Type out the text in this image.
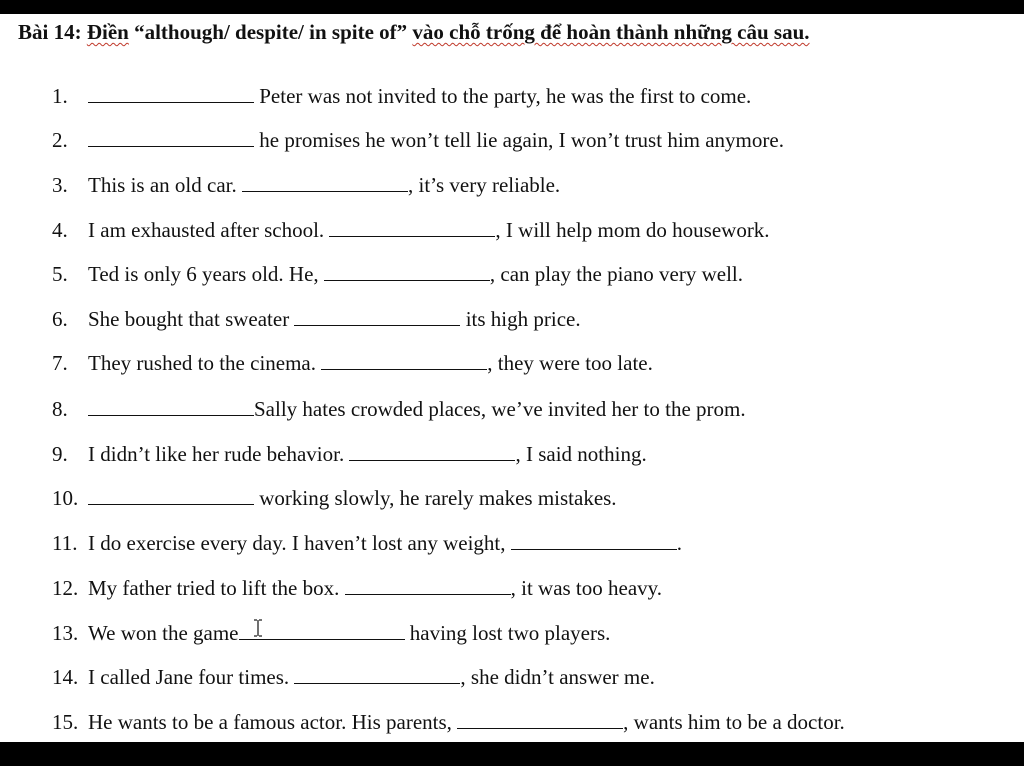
Bài 14: Điền “although/ despite/ in spite of” vào chỗ trống để hoàn thành những câu sau.
1.	Peter was not invited to the party, he was the first to come.
2.	he promises he won’t tell lie again, I won’t trust him anymore.
3. This is an old car.	, it’s very reliable.
4. I am exhausted after school.	, I will help mom do housework.
5. Ted is only 6 years old. He,	, can play the piano very well.
6. She bought that sweater	its high price.
7. They rushed to the cinema.	, they were too late.
8.	Sally hates crowded places, we’ve invited her to the prom.
9. I didn’t like her rude behavior.	, I said nothing.
10.	working slowly, he rarely makes mistakes.
11. I do exercise every day. I haven’t lost any weight,	.
12. My father tried to lift the box.	, it was too heavy.
13. We won the game	having lost two players.
14. I called Jane four times.	, she didn’t answer me.
15. He wants to be a famous actor. His parents,	, wants him to be a doctor.
